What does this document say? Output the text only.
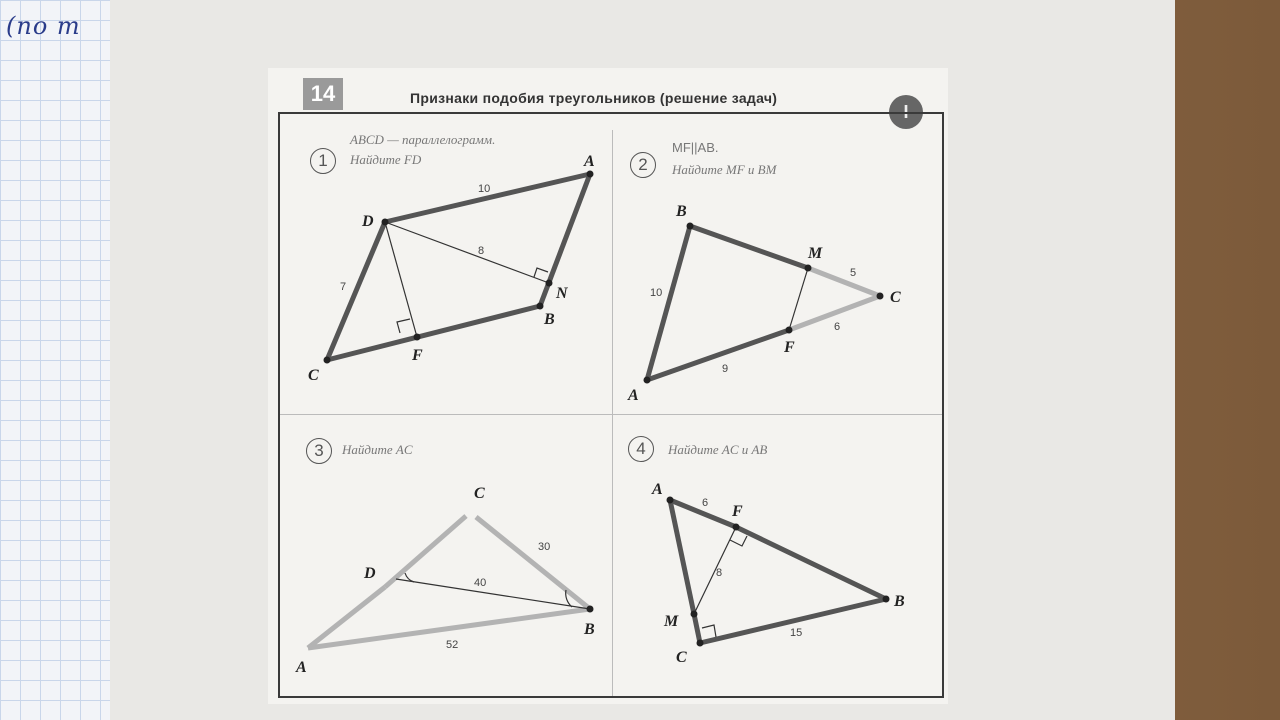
(no m
14	Признаки подобия треугольников (решение задач)
I
1
ABCD — параллелограмм.
Найдите FD	2
MF||AB.
Найдите MF и BM
3	Найдите AC	4	Найдите AC и AB
A
B
C
D
F
N
10
8
7
B
M
C
F
A
10
5
6
9
C
D
B
A
30
40
52
A
F
B
M
C
6
8
15
